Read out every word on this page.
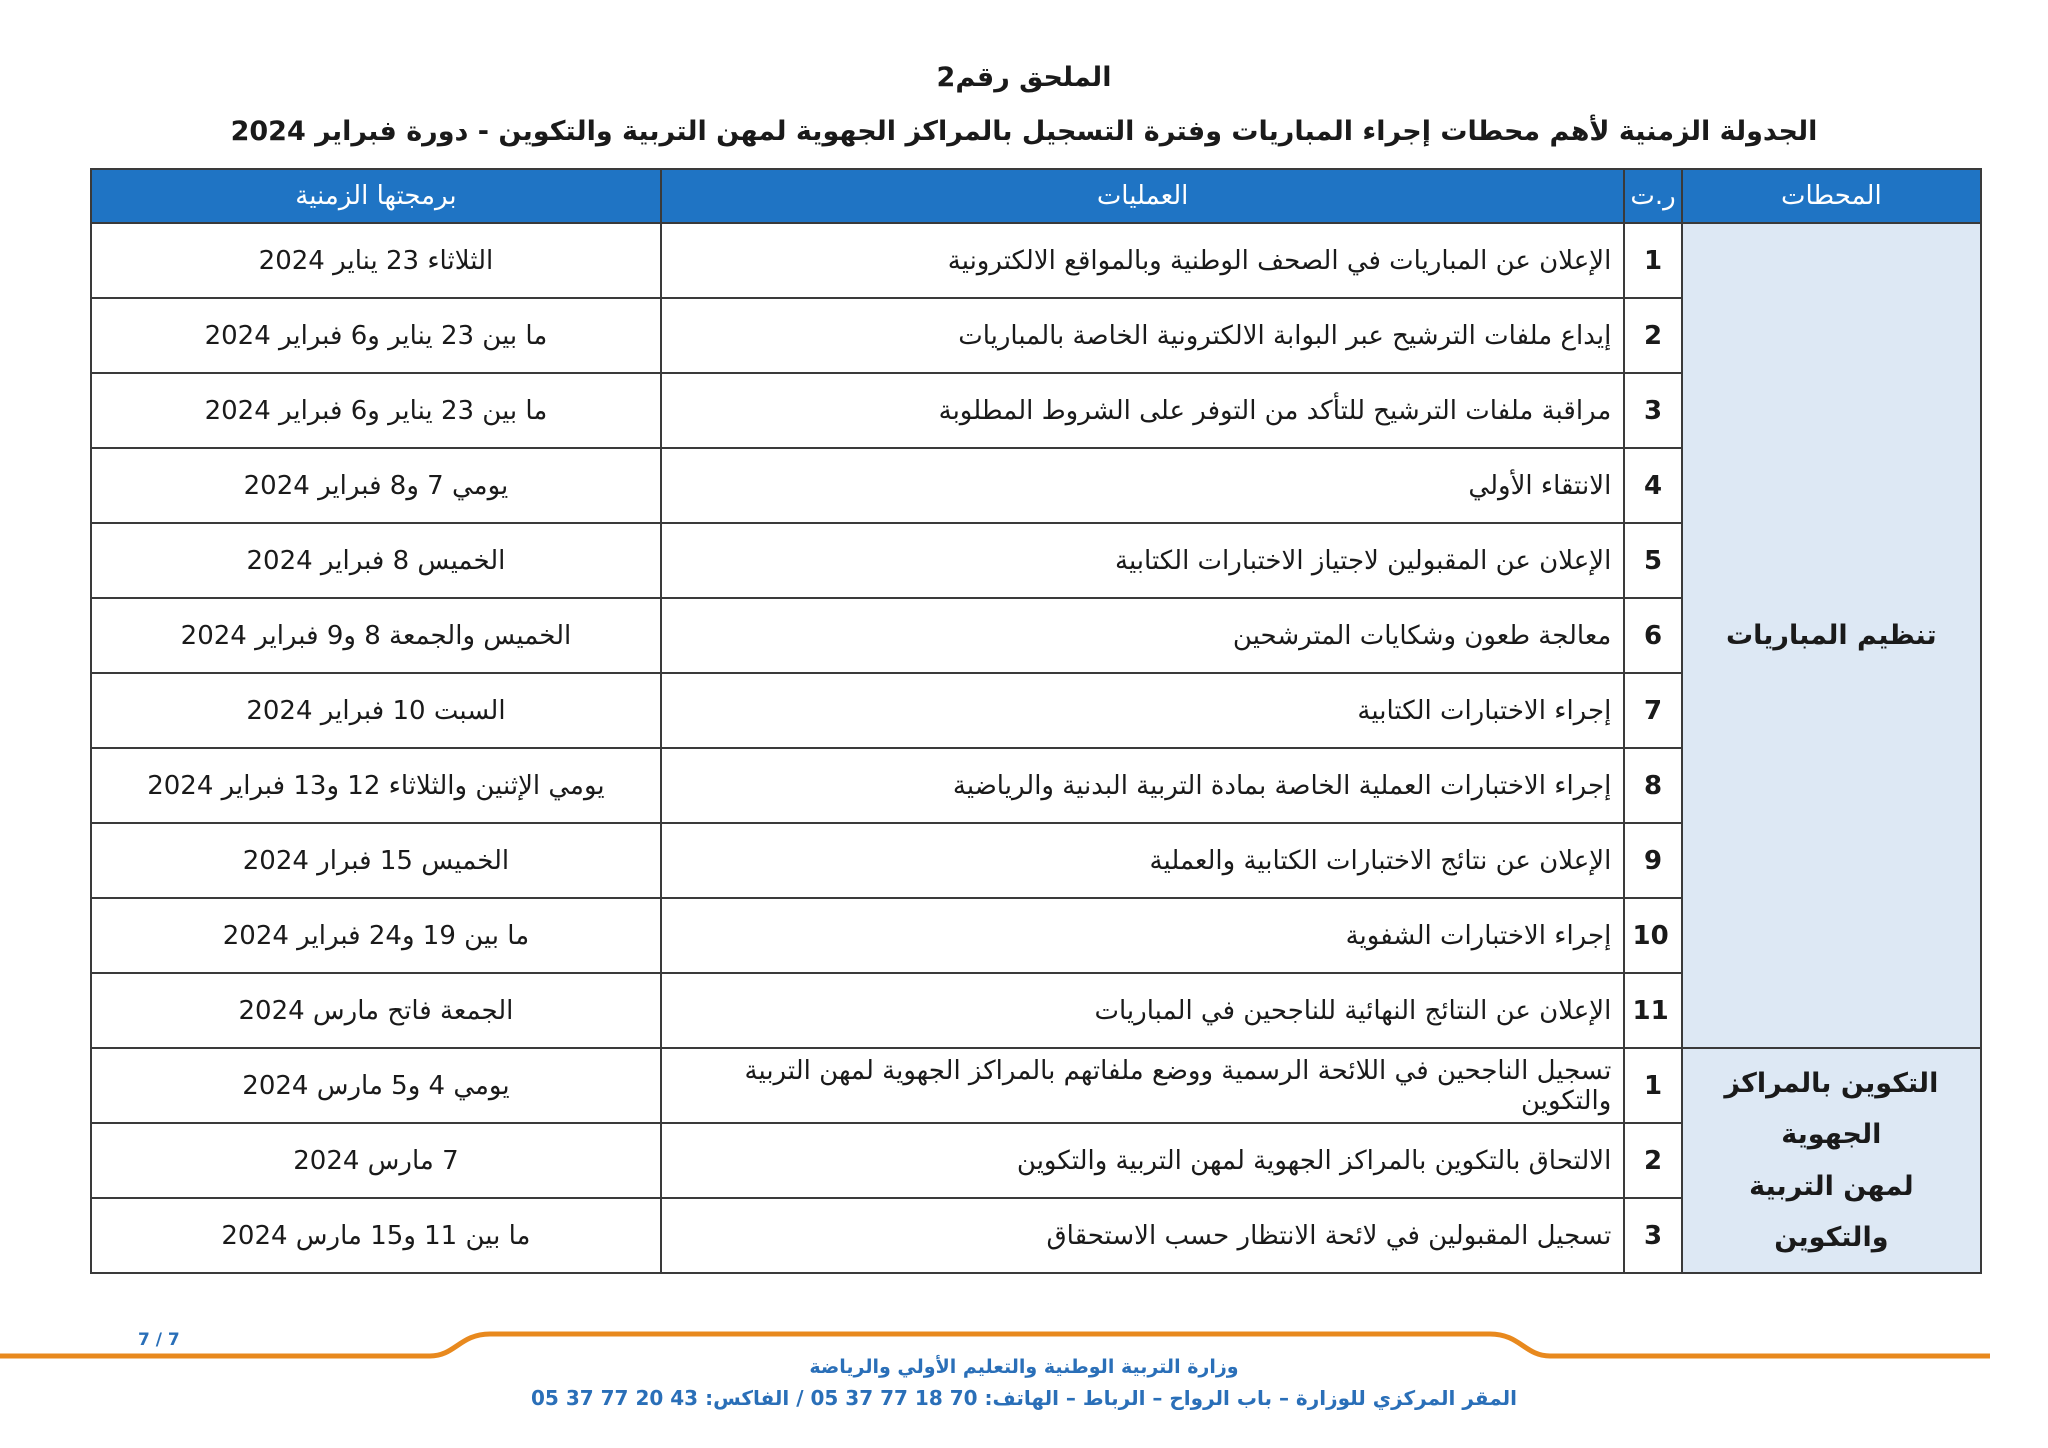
الملحق رقم2
الجدولة الزمنية لأهم محطات إجراء المباريات وفترة التسجيل بالمراكز الجهوية لمهن التربية والتكوين - دورة فبراير 2024
المحطات	ر.ت	العمليات	برمجتها الزمنية
تنظيم المباريات	1	الإعلان عن المباريات في الصحف الوطنية وبالمواقع الالكترونية	الثلاثاء 23 يناير 2024
	2	إيداع ملفات الترشيح عبر البوابة الالكترونية الخاصة بالمباريات	ما بين 23 يناير و6 فبراير 2024
	3	مراقبة ملفات الترشيح للتأكد من التوفر على الشروط المطلوبة	ما بين 23 يناير و6 فبراير 2024
	4	الانتقاء الأولي	يومي 7 و8 فبراير 2024
	5	الإعلان عن المقبولين لاجتياز الاختبارات الكتابية	الخميس 8 فبراير 2024
	6	معالجة طعون وشكايات المترشحين	الخميس والجمعة 8 و9 فبراير 2024
	7	إجراء الاختبارات الكتابية	السبت 10 فبراير 2024
	8	إجراء الاختبارات العملية الخاصة بمادة التربية البدنية والرياضية	يومي الإثنين والثلاثاء 12 و13 فبراير 2024
	9	الإعلان عن نتائج الاختبارات الكتابية والعملية	الخميس 15 فبرار 2024
	10	إجراء الاختبارات الشفوية	ما بين 19 و24 فبراير 2024
	11	الإعلان عن النتائج النهائية للناجحين في المباريات	الجمعة فاتح مارس 2024

التكوين بالمراكز الجهوية
لمهن التربية والتكوين	1	تسجيل الناجحين في اللائحة الرسمية ووضع ملفاتهم بالمراكز الجهوية لمهن التربية والتكوين	يومي 4 و5 مارس 2024
	2	الالتحاق بالتكوين بالمراكز الجهوية لمهن التربية والتكوين	7 مارس 2024
	3	تسجيل المقبولين في لائحة الانتظار حسب الاستحقاق	ما بين 11 و15 مارس 2024
7 / 7
وزارة التربية الوطنية والتعليم الأولي والرياضة
المقر المركزي للوزارة – باب الرواح – الرباط – الهاتف: 70 18 77 37 05 / الفاكس: 43 20 77 37 05
